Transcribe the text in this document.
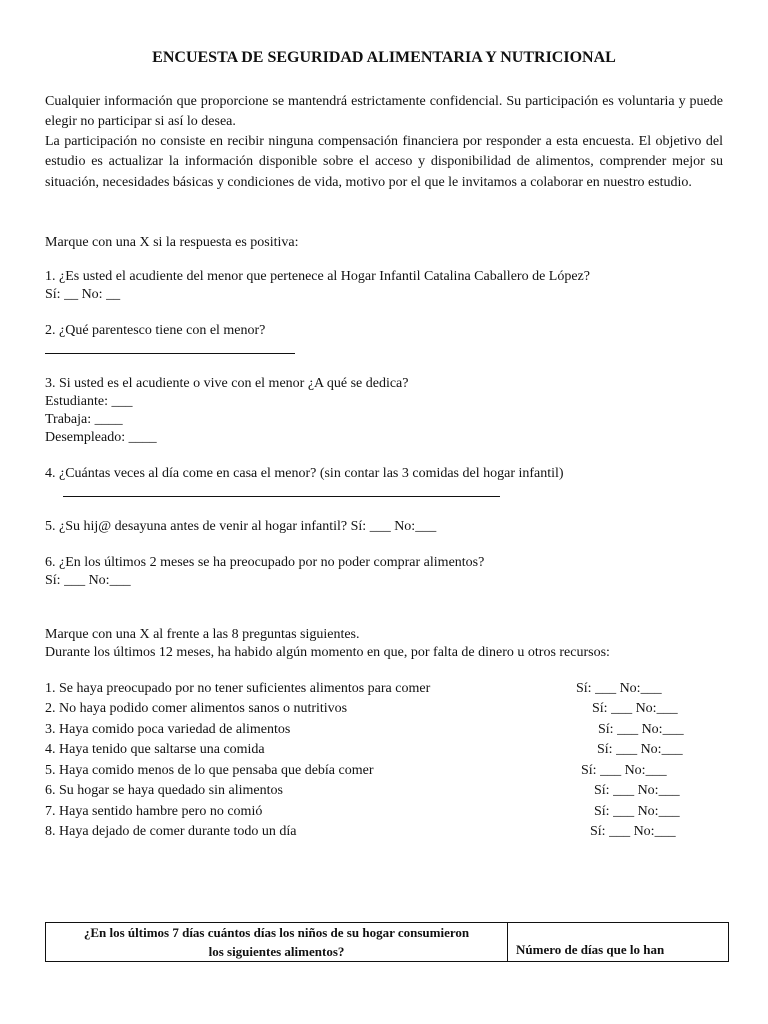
ENCUESTA DE SEGURIDAD ALIMENTARIA Y NUTRICIONAL
Cualquier información que proporcione se mantendrá estrictamente confidencial. Su participación es voluntaria y puede elegir no participar si así lo desea.
La participación no consiste en recibir ninguna compensación financiera por responder a esta encuesta. El objetivo del estudio es actualizar la información disponible sobre el acceso y disponibilidad de alimentos, comprender mejor su situación, necesidades básicas y condiciones de vida, motivo por el que le invitamos a colaborar en nuestro estudio.
Marque con una X si la respuesta es positiva:
1. ¿Es usted el acudiente del menor que pertenece al Hogar Infantil Catalina Caballero de López?
Sí: __ No: __
2. ¿Qué parentesco tiene con el menor?
3. Si usted es el acudiente o vive con el menor ¿A qué se dedica?
Estudiante: ___
Trabaja: ____
Desempleado: ____
4. ¿Cuántas veces al día come en casa el menor? (sin contar las 3 comidas del hogar infantil)
5. ¿Su hij@ desayuna antes de venir al hogar infantil? Sí: ___ No:___
6. ¿En los últimos 2 meses se ha preocupado por no poder comprar alimentos?
Sí: ___ No:___
Marque con una X al frente a las 8 preguntas siguientes.
Durante los últimos 12 meses, ha habido algún momento en que, por falta de dinero u otros recursos:
1. Se haya preocupado por no tener suficientes alimentos para comer	Sí: ___ No:___
2. No haya podido comer alimentos sanos o nutritivos	Sí: ___ No:___
3. Haya comido poca variedad de alimentos	Sí: ___ No:___
4. Haya tenido que saltarse una comida	Sí: ___ No:___
5. Haya comido menos de lo que pensaba que debía comer	Sí: ___ No:___
6. Su hogar se haya quedado sin alimentos	Sí: ___ No:___
7. Haya sentido hambre pero no comió	Sí: ___ No:___
8. Haya dejado de comer durante todo un día	Sí: ___ No:___
¿En los últimos 7 días cuántos días los niños de su hogar consumieron
los siguientes alimentos?	Número de días que lo han
